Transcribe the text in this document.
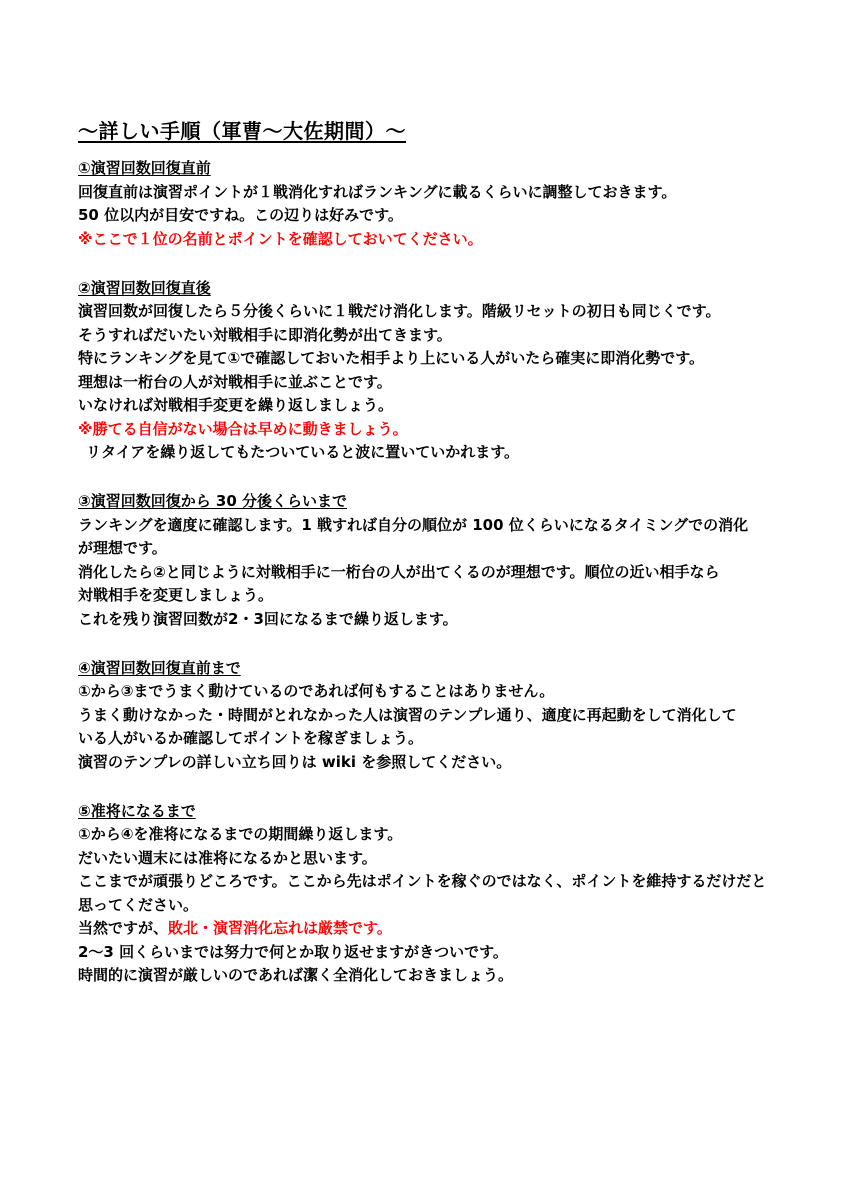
～詳しい手順（軍曹～大佐期間）～
①演習回数回復直前
回復直前は演習ポイントが１戦消化すればランキングに載るくらいに調整しておきます。
50 位以内が目安ですね。この辺りは好みです。
※ここで１位の名前とポイントを確認しておいてください。
②演習回数回復直後
演習回数が回復したら５分後くらいに１戦だけ消化します。階級リセットの初日も同じくです。
そうすればだいたい対戦相手に即消化勢が出てきます。
特にランキングを見て①で確認しておいた相手より上にいる人がいたら確実に即消化勢です。
理想は一桁台の人が対戦相手に並ぶことです。
いなければ対戦相手変更を繰り返しましょう。
※勝てる自信がない場合は早めに動きましょう。
リタイアを繰り返してもたついていると波に置いていかれます。
③演習回数回復から 30 分後くらいまで
ランキングを適度に確認します。1 戦すれば自分の順位が 100 位くらいになるタイミングでの消化
が理想です。
消化したら②と同じように対戦相手に一桁台の人が出てくるのが理想です。順位の近い相手なら
対戦相手を変更しましょう。
これを残り演習回数が2・3回になるまで繰り返します。
④演習回数回復直前まで
①から③までうまく動けているのであれば何もすることはありません。
うまく動けなかった・時間がとれなかった人は演習のテンプレ通り、適度に再起動をして消化して
いる人がいるか確認してポイントを稼ぎましょう。
演習のテンプレの詳しい立ち回りは wiki を参照してください。
⑤准将になるまで
①から④を准将になるまでの期間繰り返します。
だいたい週末には准将になるかと思います。
ここまでが頑張りどころです。ここから先はポイントを稼ぐのではなく、ポイントを維持するだけだと
思ってください。
当然ですが、敗北・演習消化忘れは厳禁です。
2～3 回くらいまでは努力で何とか取り返せますがきついです。
時間的に演習が厳しいのであれば潔く全消化しておきましょう。
